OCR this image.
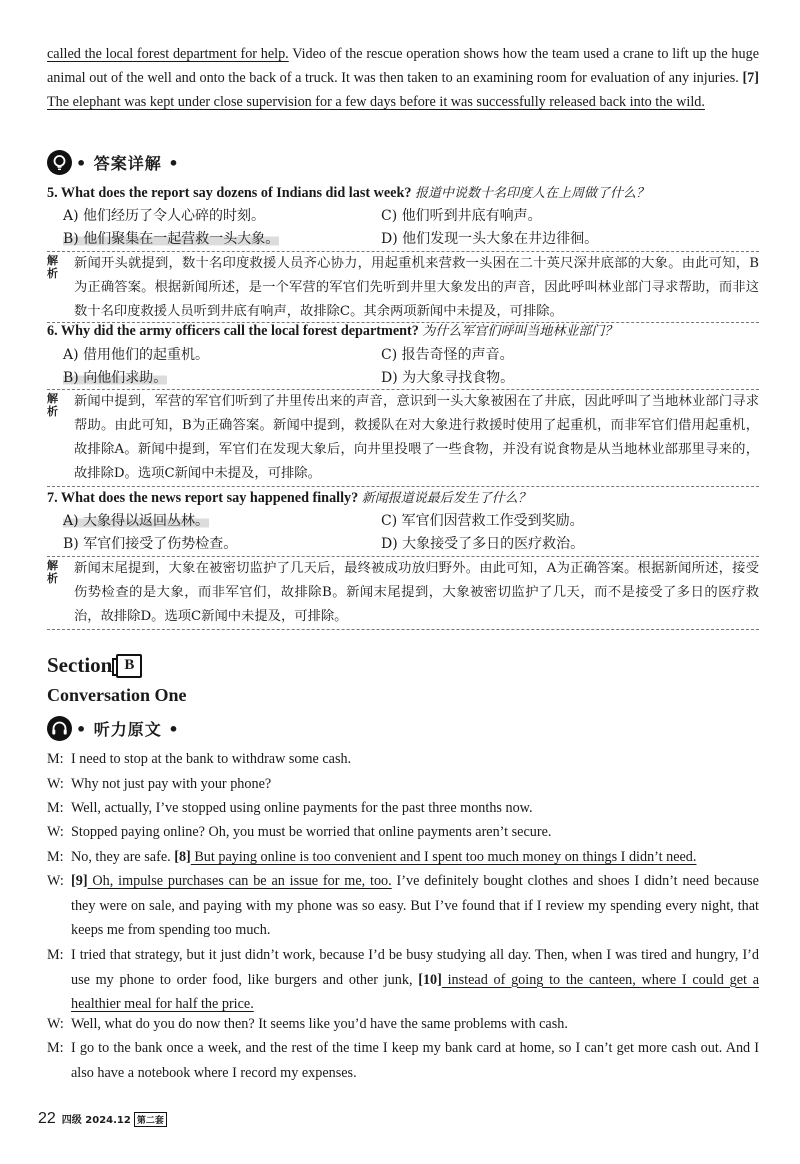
called the local forest department for help. Video of the rescue operation shows how the team used a crane to lift up the huge animal out of the well and onto the back of a truck. It was then taken to an examining room for evaluation of any injuries. [7] The elephant was kept under close supervision for a few days before it was successfully released back into the wild.
• 答案详解 •
5. What does the report say dozens of Indians did last week? 报道中说数十名印度人在上周做了什么？
A) 他们经历了令人心碎的时刻。	C) 他们听到井底有响声。
B) 他们聚集在一起营救一头大象。	D) 他们发现一头大象在井边徘徊。
解
析
新闻开头就提到，数十名印度救援人员齐心协力，用起重机来营救一头困在二十英尺深井底部的大象。由此可知，B为正确答案。根据新闻所述，是一个军营的军官们先听到井里大象发出的声音，因此呼叫林业部门寻求帮助，而非这数十名印度救援人员听到井底有响声，故排除C。其余两项新闻中未提及，可排除。
6. Why did the army officers call the local forest department? 为什么军官们呼叫当地林业部门？
A) 借用他们的起重机。	C) 报告奇怪的声音。
B) 向他们求助。	D) 为大象寻找食物。
解
析
新闻中提到，军营的军官们听到了井里传出来的声音，意识到一头大象被困在了井底，因此呼叫了当地林业部门寻求帮助。由此可知，B为正确答案。新闻中提到，救援队在对大象进行救援时使用了起重机，而非军官们借用起重机，故排除A。新闻中提到，军官们在发现大象后，向井里投喂了一些食物，并没有说食物是从当地林业部那里寻来的，故排除D。选项C新闻中未提及，可排除。
7. What does the news report say happened finally? 新闻报道说最后发生了什么？
A) 大象得以返回丛林。	C) 军官们因营救工作受到奖励。
B) 军官们接受了伤势检查。	D) 大象接受了多日的医疗救治。
解
析
新闻末尾提到，大象在被密切监护了几天后，最终被成功放归野外。由此可知，A为正确答案。根据新闻所述，接受伤势检查的是大象，而非军官们，故排除B。新闻末尾提到，大象被密切监护了几天，而不是接受了多日的医疗救治，故排除D。选项C新闻中未提及，可排除。
Section B
Conversation One
• 听力原文 •
M: I need to stop at the bank to withdraw some cash.
W: Why not just pay with your phone?
M: Well, actually, I’ve stopped using online payments for the past three months now.
W: Stopped paying online? Oh, you must be worried that online payments aren’t secure.
M: No, they are safe. [8] But paying online is too convenient and I spent too much money on things I didn’t need.
W: [9] Oh, impulse purchases can be an issue for me, too. I’ve definitely bought clothes and shoes I didn’t need because they were on sale, and paying with my phone was so easy. But I’ve found that if I review my spending every night, that keeps me from spending too much.
M: I tried that strategy, but it just didn’t work, because I’d be busy studying all day. Then, when I was tired and hungry, I’d use my phone to order food, like burgers and other junk, [10] instead of going to the canteen, where I could get a healthier meal for half the price.
W: Well, what do you do now then? It seems like you’d have the same problems with cash.
M: I go to the bank once a week, and the rest of the time I keep my bank card at home, so I can’t get more cash out. And I also have a notebook where I record my expenses.
22 四级 2024.12 第二套
